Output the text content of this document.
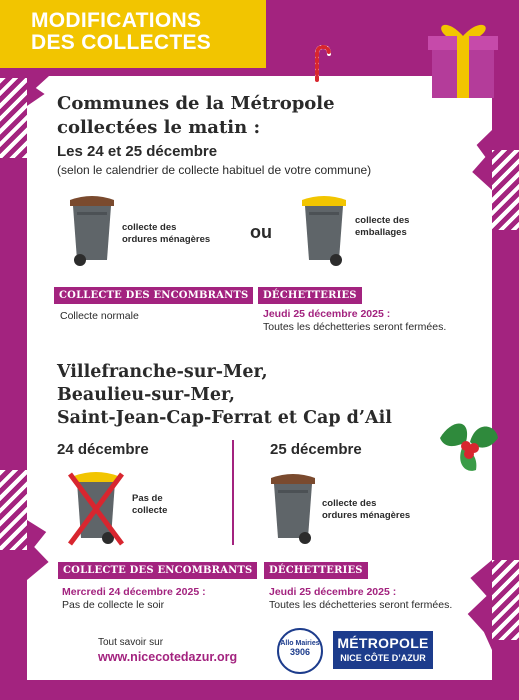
MODIFICATIONS
DES COLLECTES
Communes de la Métropole
collectées le matin :
Les 24 et 25 décembre
(selon le calendrier de collecte habituel de votre commune)
collecte des
ordures ménagères ou
collecte des
emballages
COLLECTE DES ENCOMBRANTS
Collecte normale
DÉCHETTERIES
Jeudi 25 décembre 2025 :
Toutes les déchetteries seront fermées.
Villefranche-sur-Mer,
Beaulieu-sur-Mer,
Saint-Jean-Cap-Ferrat et Cap d’Ail
24 décembre	25 décembre
Pas de
collecte
collecte des
ordures ménagères
COLLECTE DES ENCOMBRANTS
Mercredi 24 décembre 2025 :
Pas de collecte le soir
DÉCHETTERIES
Jeudi 25 décembre 2025 :
Toutes les déchetteries seront fermées.
Tout savoir sur
www.nicecotedazur.org
Allo Mairies
3906
MÉTROPOLE
NICE CÔTE D’AZUR
